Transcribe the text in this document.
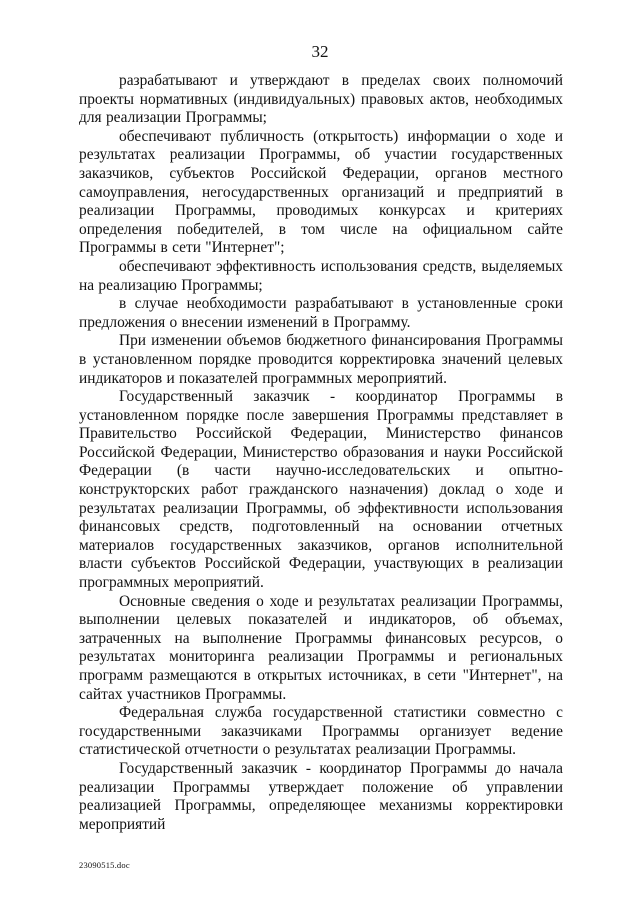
32

разрабатывают и утверждают в пределах своих полномочий проекты нормативных (индивидуальных) правовых актов, необходимых для реализации Программы;

обеспечивают публичность (открытость) информации о ходе и результатах реализации Программы, об участии государственных заказчиков, субъектов Российской Федерации, органов местного самоуправления, негосударственных организаций и предприятий в реализации Программы, проводимых конкурсах и критериях определения победителей, в том числе на официальном сайте Программы в сети "Интернет";

обеспечивают эффективность использования средств, выделяемых на реализацию Программы;

в случае необходимости разрабатывают в установленные сроки предложения о внесении изменений в Программу.

При изменении объемов бюджетного финансирования Программы в установленном порядке проводится корректировка значений целевых индикаторов и показателей программных мероприятий.

Государственный заказчик - координатор Программы в установленном порядке после завершения Программы представляет в Правительство Российской Федерации, Министерство финансов Российской Федерации, Министерство образования и науки Российской Федерации (в части научно-исследовательских и опытно-конструкторских работ гражданского назначения) доклад о ходе и результатах реализации Программы, об эффективности использования финансовых средств, подготовленный на основании отчетных материалов государственных заказчиков, органов исполнительной власти субъектов Российской Федерации, участвующих в реализации программных мероприятий.

Основные сведения о ходе и результатах реализации Программы, выполнении целевых показателей и индикаторов, об объемах, затраченных на выполнение Программы финансовых ресурсов, о результатах мониторинга реализации Программы и региональных программ размещаются в открытых источниках, в сети "Интернет", на сайтах участников Программы.

Федеральная служба государственной статистики совместно с государственными заказчиками Программы организует ведение статистической отчетности о результатах реализации Программы.

Государственный заказчик - координатор Программы до начала реализации Программы утверждает положение об управлении реализацией Программы, определяющее механизмы корректировки мероприятий

23090515.doc
